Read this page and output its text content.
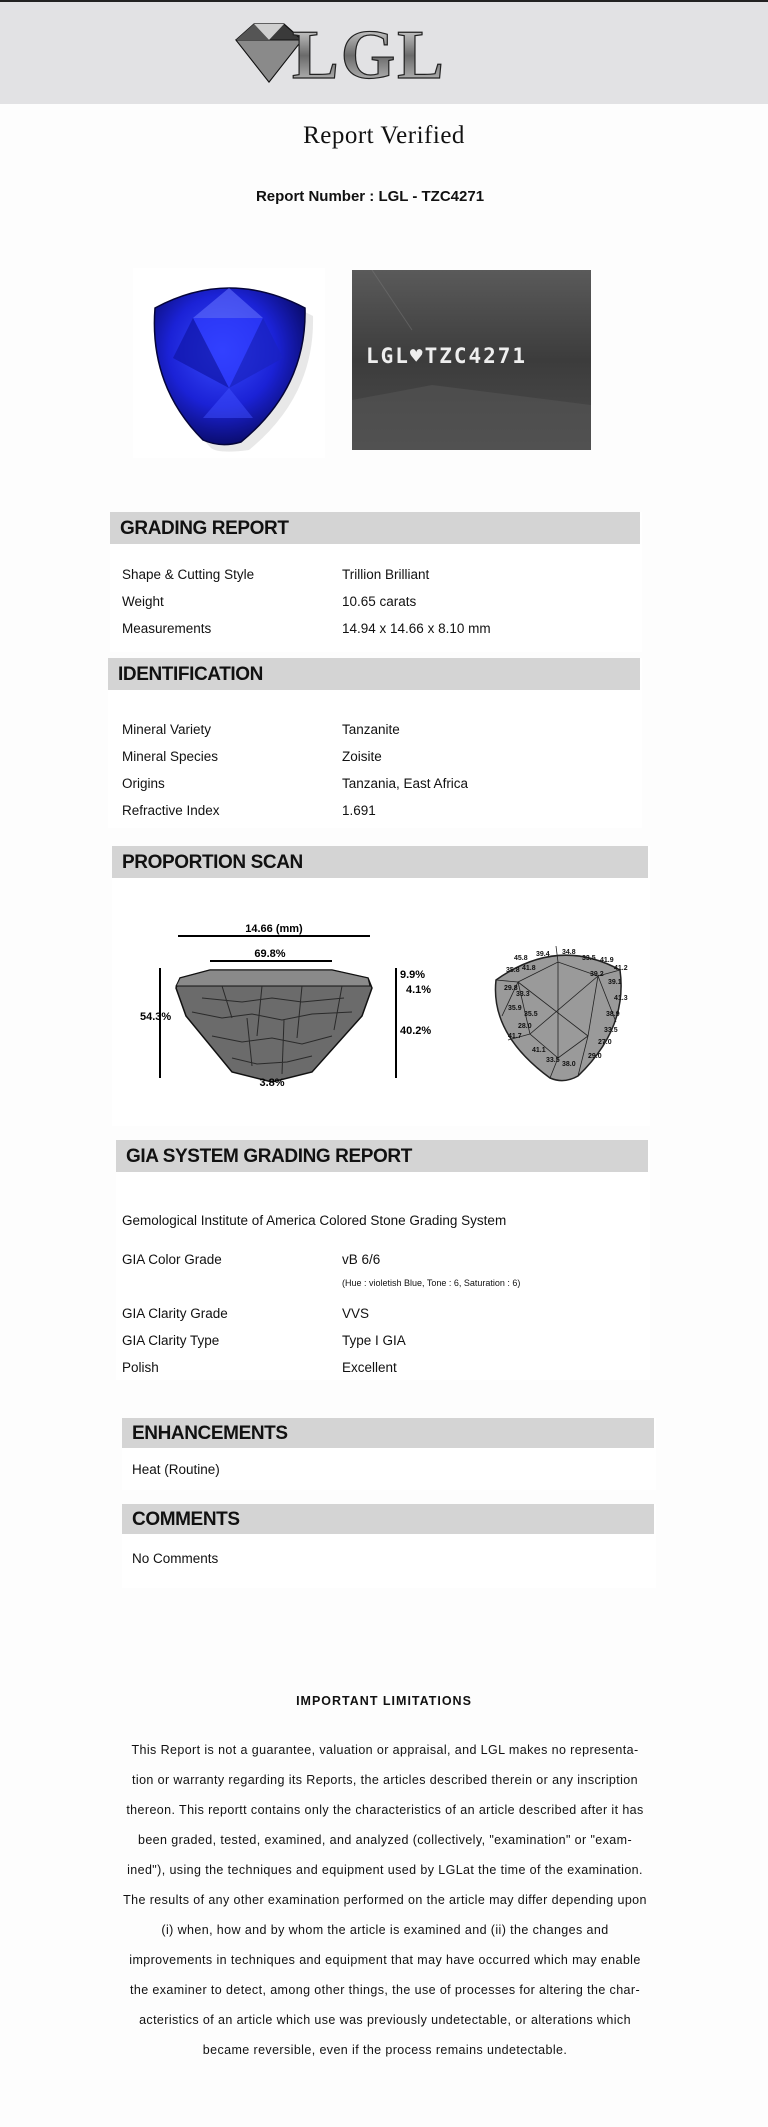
LGL
Report Verified
Report Number : LGL - TZC4271
LGL♥TZC4271
GRADING REPORT
Shape & Cutting Style	Trillion Brilliant
Weight	10.65 carats
Measurements	14.94 x 14.66 x 8.10 mm
IDENTIFICATION
Mineral Variety	Tanzanite
Mineral Species	Zoisite
Origins	Tanzania, East Africa
Refractive Index	1.691
PROPORTION SCAN
14.66 (mm)
69.8%
9.9%
4.1%
54.3%
40.2%
3.8%
45.8
39.4 34.8
33.5 41.9
41.2
35.8 41.8
39.2
39.1
29.8
33.3
41.3
35.9
35.5	38.9
28.0
41.7
33.5
41.1
27.0
33.5
29.0
38.0
GIA SYSTEM GRADING REPORT
Gemological Institute of America Colored Stone Grading System
GIA Color Grade	vB 6/6
(Hue : violetish Blue, Tone : 6, Saturation : 6)
GIA Clarity Grade	VVS
GIA Clarity Type	Type I GIA
Polish	Excellent
ENHANCEMENTS
Heat (Routine)
COMMENTS
No Comments
IMPORTANT LIMITATIONS
This Report is not a guarantee, valuation or appraisal, and LGL makes no representa- tion or warranty regarding its Reports, the articles described therein or any inscription thereon. This reportt contains only the characteristics of an article described after it has been graded, tested, examined, and analyzed (collectively, "examination" or "exam- ined"), using the techniques and equipment used by LGLat the time of the examination. The results of any other examination performed on the article may differ depending upon (i) when, how and by whom the article is examined and (ii) the changes and improvements in techniques and equipment that may have occurred which may enable the examiner to detect, among other things, the use of processes for altering the char- acteristics of an article which use was previously undetectable, or alterations which became reversible, even if the process remains undetectable.
